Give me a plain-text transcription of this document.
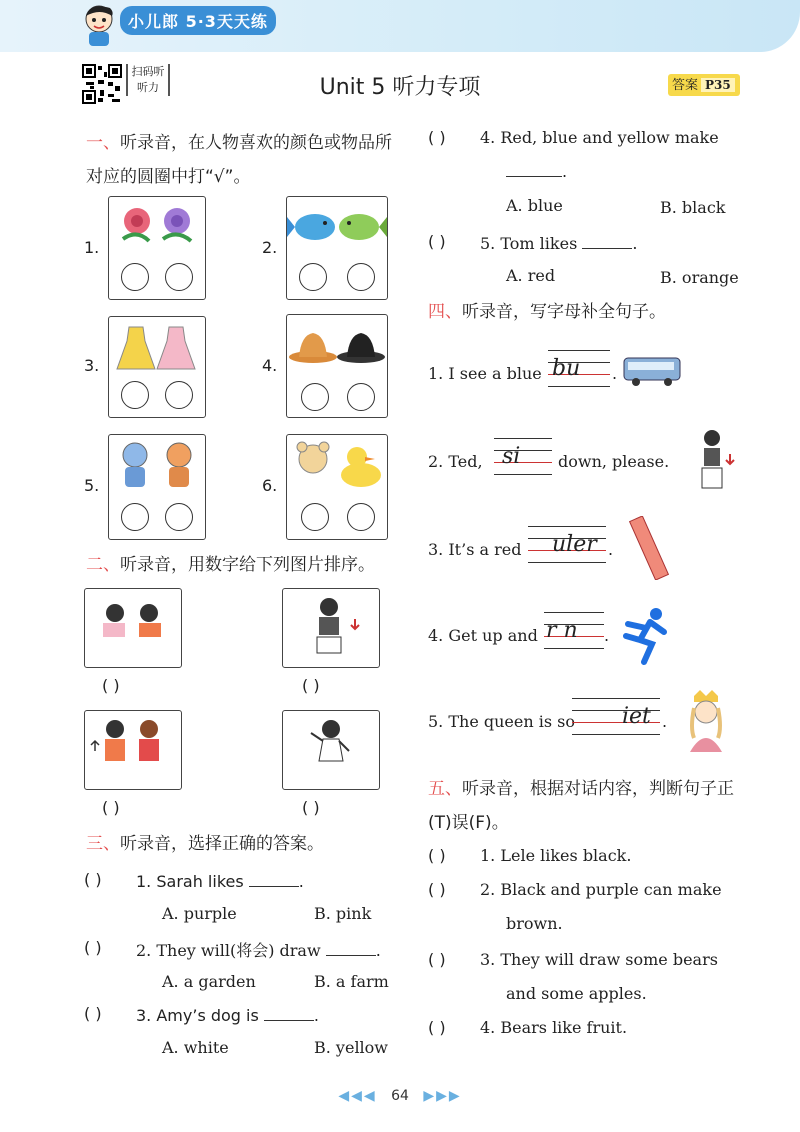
小儿郎 5·3天天练
扫码听听力	Unit 5 听力专项	答案 P35
一、听录音，在人物喜欢的颜色或物品所对应的圆圈中打“√”。
1.	2.
3.	4.
5.	6.
二、听录音，用数字给下列图片排序。
( )	( )
( )	( )
三、听录音，选择正确的答案。
( ) 1. Sarah likes	.
A. purple	B. pink
( ) 2. They will(将会) draw	.
A. a garden	B. a farm
( ) 3. Amy’s dog is	.
A. white	B. yellow
( ) 4. Red, blue and yellow make
.
A. blue	B. black
( ) 5. Tom likes	.
A. red	B. orange
四、听录音，写字母补全句子。
1. I see a blue bu .
2. Ted, si down, please.
3. It’s a red uler .
4. Get up and r n .
5. The queen is so iet .
五、听录音，根据对话内容，判断句子正(T)误(F)。
( ) 1. Lele likes black.
( ) 2. Black and purple can make
brown.
( ) 3. They will draw some bears
and some apples.
( ) 4. Bears like fruit.
◀◀◀ 64 ▶▶▶
